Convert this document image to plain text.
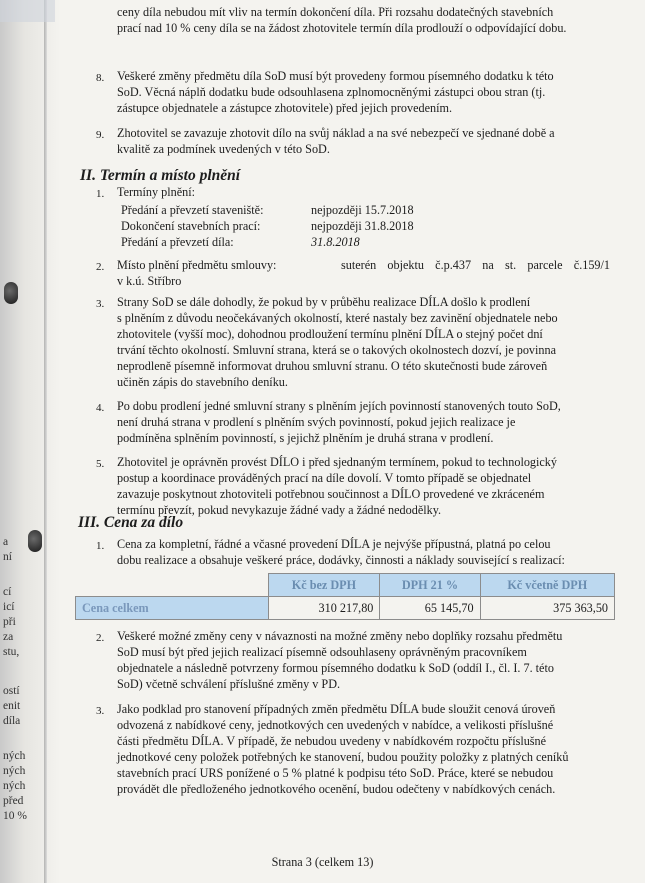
a
ní
cí
icí
při
za
stu,
ostí
enit
díla
ných
ných
ných
před
10 %
ceny díla nebudou mít vliv na termín dokončení díla. Při rozsahu dodatečných stavebních
prací nad 10 % ceny díla se na žádost zhotovitele termín díla prodlouží o odpovídající dobu.
8. Veškeré změny předmětu díla SoD musí být provedeny formou písemného dodatku k této
SoD. Věcná náplň dodatku bude odsouhlasena zplnomocněnými zástupci obou stran (tj.
zástupce objednatele a zástupce zhotovitele) před jejich provedením.
9. Zhotovitel se zavazuje zhotovit dílo na svůj náklad a na své nebezpečí ve sjednané době a
kvalitě za podmínek uvedených v této SoD.
II. Termín a místo plnění
1. Termíny plnění:
Předání a převzetí staveniště:	nejpozději 15.7.2018
Dokončení stavebních prací:	nejpozději 31.8.2018
Předání a převzetí díla:	31.8.2018
2. Místo plnění předmětu smlouvy:
v k.ú. Stříbro
suterén objektu č.p.437 na st. parcele č.159/1
3. Strany SoD se dále dohodly, že pokud by v průběhu realizace DÍLA došlo k prodlení
s plněním z důvodu neočekávaných okolností, které nastaly bez zavinění objednatele nebo
zhotovitele (vyšší moc), dohodnou prodloužení termínu plnění DÍLA o stejný počet dní
trvání těchto okolností. Smluvní strana, která se o takových okolnostech dozví, je povinna
neprodleně písemně informovat druhou smluvní stranu. O této skutečnosti bude zároveň
učiněn zápis do stavebního deníku.
4. Po dobu prodlení jedné smluvní strany s plněním jejích povinností stanovených touto SoD,
není druhá strana v prodlení s plněním svých povinností, pokud jejich realizace je
podmíněna splněním povinností, s jejichž plněním je druhá strana v prodlení.
5. Zhotovitel je oprávněn provést DÍLO i před sjednaným termínem, pokud to technologický
postup a koordinace prováděných prací na díle dovolí. V tomto případě se objednatel
zavazuje poskytnout zhotoviteli potřebnou součinnost a DÍLO provedené ve zkráceném
termínu převzít, pokud nevykazuje žádné vady a žádné nedodělky.
III. Cena za dílo
1. Cena za kompletní, řádné a včasné provedení DÍLA je nejvýše přípustná, platná po celou
dobu realizace a obsahuje veškeré práce, dodávky, činnosti a náklady související s realizací:
	Kč bez DPH	DPH 21 %	Kč včetně DPH
Cena celkem	310 217,80	65 145,70	375 363,50
2. Veškeré možné změny ceny v návaznosti na možné změny nebo doplňky rozsahu předmětu
SoD musí být před jejich realizací písemně odsouhlaseny oprávněným pracovníkem
objednatele a následně potvrzeny formou písemného dodatku k SoD (oddíl I., čl. I. 7. této
SoD) včetně schválení příslušné změny v PD.
3. Jako podklad pro stanovení případných změn předmětu DÍLA bude sloužit cenová úroveň
odvozená z nabídkové ceny, jednotkových cen uvedených v nabídce, a velikosti příslušné
části předmětu DÍLA. V případě, že nebudou uvedeny v nabídkovém rozpočtu příslušné
jednotkové ceny položek potřebných ke stanovení, budou použity položky z platných ceníků
stavebních prací URS ponížené o 5 % platné k podpisu této SoD. Práce, které se nebudou
provádět dle předloženého jednotkového ocenění, budou odečteny v nabídkových cenách.
Strana 3 (celkem 13)
